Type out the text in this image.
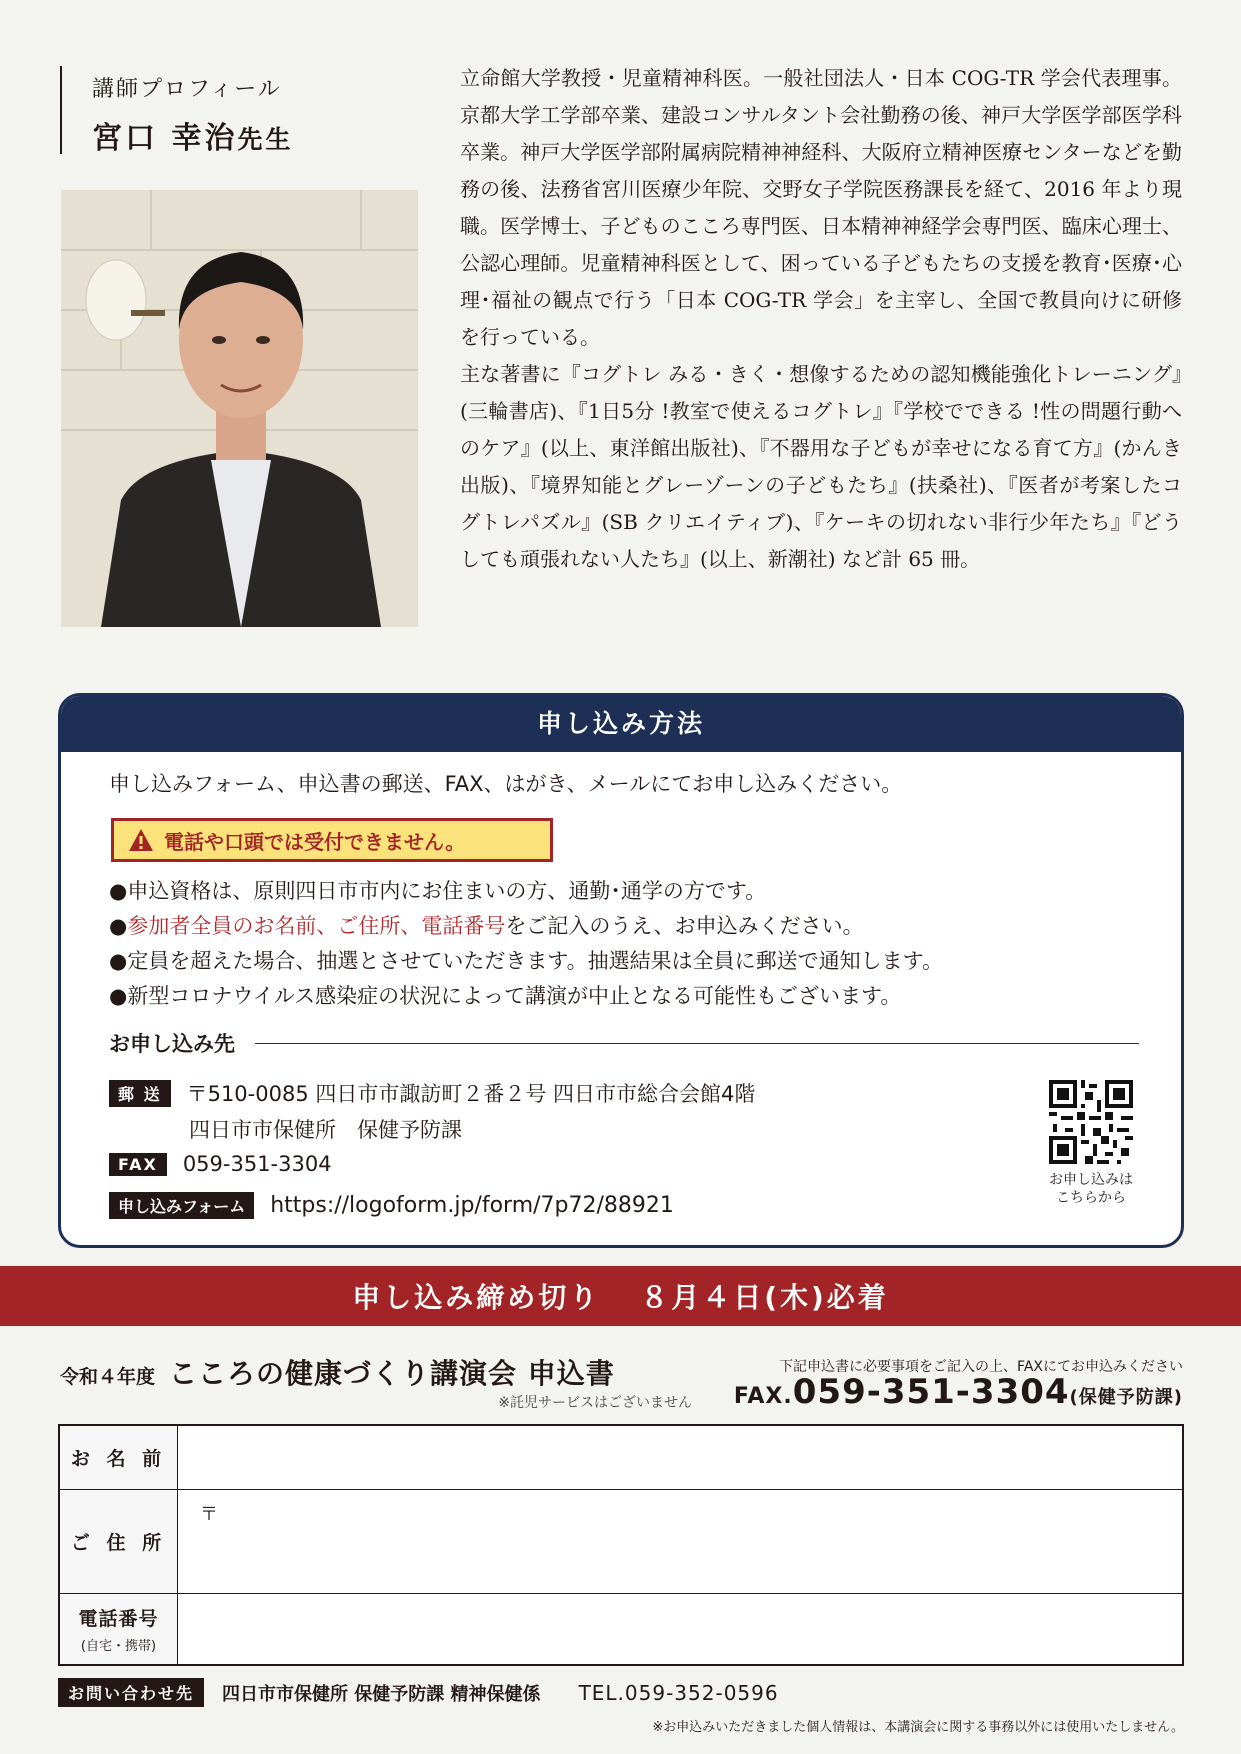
講師プロフィール
宮口 幸治先生

立命館大学教授・児童精神科医。一般社団法人・日本 COG-TR 学会代表理事。京都大学工学部卒業、建設コンサルタント会社勤務の後、神戸大学医学部医学科卒業。神戸大学医学部附属病院精神神経科、大阪府立精神医療センターなどを勤務の後、法務省宮川医療少年院、交野女子学院医務課長を経て、2016 年より現職。医学博士、子どものこころ専門医、日本精神神経学会専門医、臨床心理士、公認心理師。児童精神科医として、困っている子どもたちの支援を教育･医療･心理･福祉の観点で行う「日本 COG-TR 学会」を主宰し、全国で教員向けに研修を行っている。

主な著書に『コグトレ みる・きく・想像するための認知機能強化トレーニング』(三輪書店)、『1日5分 !教室で使えるコグトレ』『学校でできる !性の問題行動へのケア』(以上、東洋館出版社)、『不器用な子どもが幸せになる育て方』(かんき出版)、『境界知能とグレーゾーンの子どもたち』(扶桑社)、『医者が考案したコグトレパズル』(SB クリエイティブ)、『ケーキの切れない非行少年たち』『どうしても頑張れない人たち』(以上、新潮社) など計 65 冊。

申し込み方法
申し込みフォーム、申込書の郵送、FAX、はがき、メールにてお申し込みください。
電話や口頭では受付できません。
●申込資格は、原則四日市市内にお住まいの方、通勤･通学の方です。
●参加者全員のお名前、ご住所、電話番号をご記入のうえ、お申込みください。
●定員を超えた場合、抽選とさせていただきます。抽選結果は全員に郵送で通知します。
●新型コロナウイルス感染症の状況によって講演が中止となる可能性もございます。
お申し込み先
郵 送	〒510-0085 四日市市諏訪町２番２号 四日市市総合会館4階
四日市市保健所　保健予防課
FAX	059-351-3304
申し込みフォーム	https://logoform.jp/form/7p72/88921
お申し込みは
こちらから
申し込み締め切り ８月４日(木)必着
令和４年度 こころの健康づくり講演会 申込書
※託児サービスはございません
下記申込書に必要事項をご記入の上、FAXにてお申込みください
FAX.059-351-3304(保健予防課)
お 名 前
ご 住 所
〒
電話番号
(自宅・携帯)
お問い合わせ先	四日市市保健所 保健予防課 精神保健係 TEL.059-352-0596
※お申込みいただきました個人情報は、本講演会に関する事務以外には使用いたしません。
